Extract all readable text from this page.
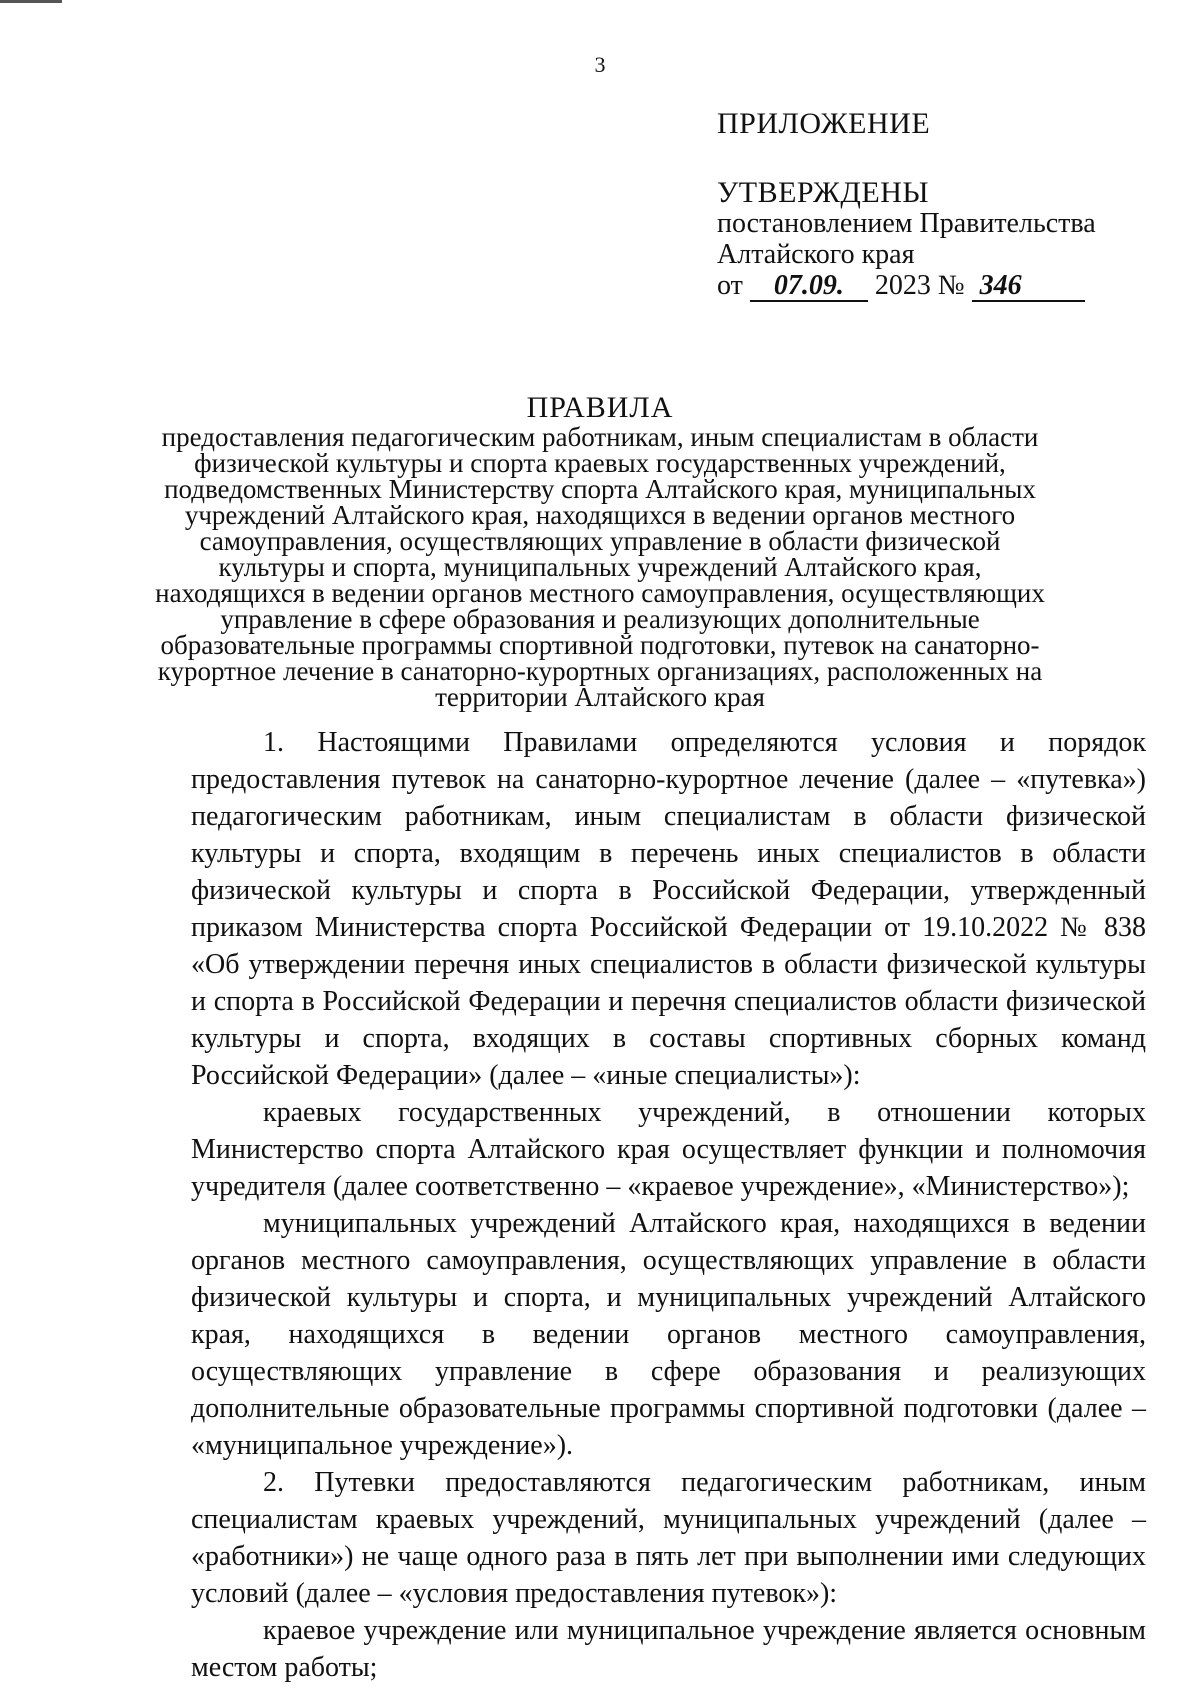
3
ПРИЛОЖЕНИЕ
УТВЕРЖДЕНЫ
постановлением Правительства
Алтайского края
от 07.09. 2023 № 346
ПРАВИЛА
предоставления педагогическим работникам, иным специалистам в области
физической культуры и спорта краевых государственных учреждений,
подведомственных Министерству спорта Алтайского края, муниципальных
учреждений Алтайского края, находящихся в ведении органов местного
самоуправления, осуществляющих управление в области физической
культуры и спорта, муниципальных учреждений Алтайского края,
находящихся в ведении органов местного самоуправления, осуществляющих
управление в сфере образования и реализующих дополнительные
образовательные программы спортивной подготовки, путевок на санаторно-
курортное лечение в санаторно-курортных организациях, расположенных на
территории Алтайского края

1. Настоящими Правилами определяются условия и порядок предоставления путевок на санаторно-курортное лечение (далее – «путевка») педагогическим работникам, иным специалистам в области физической культуры и спорта, входящим в перечень иных специалистов в области физической культуры и спорта в Российской Федерации, утвержденный приказом Министерства спорта Российской Федерации от 19.10.2022 № 838 «Об утверждении перечня иных специалистов в области физической культуры и спорта в Российской Федерации и перечня специалистов области физической культуры и спорта, входящих в составы спортивных сборных команд Российской Федерации» (далее – «иные специалисты»):

краевых государственных учреждений, в отношении которых Министерство спорта Алтайского края осуществляет функции и полномочия учредителя (далее соответственно – «краевое учреждение», «Министерство»);

муниципальных учреждений Алтайского края, находящихся в ведении органов местного самоуправления, осуществляющих управление в области физической культуры и спорта, и муниципальных учреждений Алтайского края, находящихся в ведении органов местного самоуправления, осуществляющих управление в сфере образования и реализующих дополнительные образовательные программы спортивной подготовки (далее – «муниципальное учреждение»).

2. Путевки предоставляются педагогическим работникам, иным специалистам краевых учреждений, муниципальных учреждений (далее – «работники») не чаще одного раза в пять лет при выполнении ими следующих условий (далее – «условия предоставления путевок»):

краевое учреждение или муниципальное учреждение является основным местом работы;
